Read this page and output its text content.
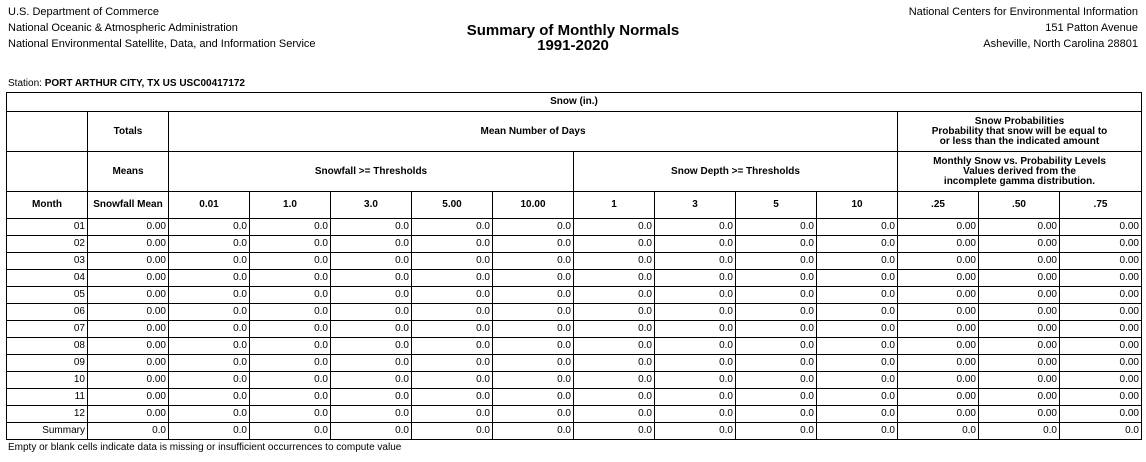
U.S. Department of Commerce
National Oceanic & Atmospheric Administration
National Environmental Satellite, Data, and Information Service
Summary of Monthly Normals
1991-2020
National Centers for Environmental Information
151 Patton Avenue
Asheville, North Carolina 28801
Station: PORT ARTHUR CITY, TX US USC00417172
Snow (in.)													
	Totals	Mean Number of Days									Snow Probabilities
Probability that snow will be equal to
or less than the indicated amount		

	Means	Snowfall >= Thresholds					Snow Depth >= Thresholds				Monthly Snow vs. Probability Levels
Values derived from the
incomplete gamma distribution.		

Month	Snowfall Mean	0.01	1.0	3.0	5.00	10.00	1	3	5	10	.25	.50	.75
01	0.00	0.0	0.0	0.0	0.0	0.0	0.0	0.0	0.0	0.0	0.00	0.00	0.00
02	0.00	0.0	0.0	0.0	0.0	0.0	0.0	0.0	0.0	0.0	0.00	0.00	0.00
03	0.00	0.0	0.0	0.0	0.0	0.0	0.0	0.0	0.0	0.0	0.00	0.00	0.00
04	0.00	0.0	0.0	0.0	0.0	0.0	0.0	0.0	0.0	0.0	0.00	0.00	0.00
05	0.00	0.0	0.0	0.0	0.0	0.0	0.0	0.0	0.0	0.0	0.00	0.00	0.00
06	0.00	0.0	0.0	0.0	0.0	0.0	0.0	0.0	0.0	0.0	0.00	0.00	0.00
07	0.00	0.0	0.0	0.0	0.0	0.0	0.0	0.0	0.0	0.0	0.00	0.00	0.00
08	0.00	0.0	0.0	0.0	0.0	0.0	0.0	0.0	0.0	0.0	0.00	0.00	0.00
09	0.00	0.0	0.0	0.0	0.0	0.0	0.0	0.0	0.0	0.0	0.00	0.00	0.00
10	0.00	0.0	0.0	0.0	0.0	0.0	0.0	0.0	0.0	0.0	0.00	0.00	0.00
11	0.00	0.0	0.0	0.0	0.0	0.0	0.0	0.0	0.0	0.0	0.00	0.00	0.00
12	0.00	0.0	0.0	0.0	0.0	0.0	0.0	0.0	0.0	0.0	0.00	0.00	0.00
Summary	0.0	0.0	0.0	0.0	0.0	0.0	0.0	0.0	0.0	0.0	0.0	0.0	0.0
Empty or blank cells indicate data is missing or insufficient occurrences to compute value
